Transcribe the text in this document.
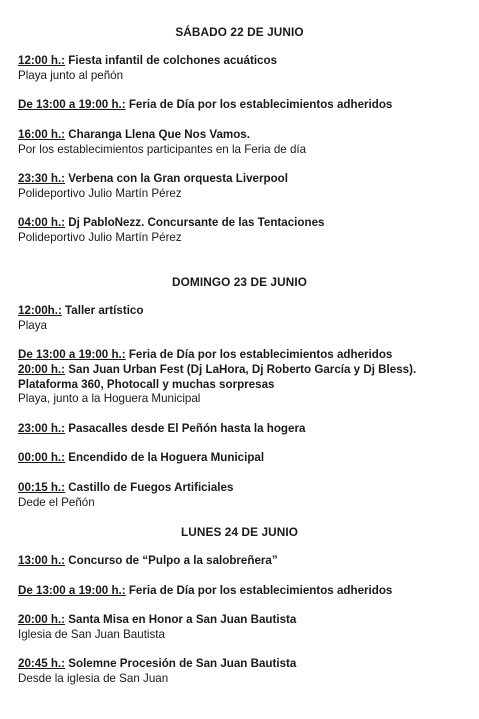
SÁBADO 22 DE JUNIO
12:00 h.: Fiesta infantil de colchones acuáticos
Playa junto al peñón
De 13:00 a 19:00 h.: Feria de Día por los establecimientos adheridos
16:00 h.: Charanga Llena Que Nos Vamos.
Por los establecimientos participantes en la Feria de día
23:30 h.: Verbena con la Gran orquesta Liverpool
Polideportivo Julio Martín Pérez
04:00 h.: Dj PabloNezz. Concursante de las Tentaciones
Polideportivo Julio Martín Pérez
DOMINGO 23 DE JUNIO
12:00h.: Taller artístico
Playa
De 13:00 a 19:00 h.: Feria de Día por los establecimientos adheridos
20:00 h.: San Juan Urban Fest (Dj LaHora, Dj Roberto García y Dj Bless).
Plataforma 360, Photocall y muchas sorpresas
Playa, junto a la Hoguera Municipal
23:00 h.: Pasacalles desde El Peñón hasta la hogera
00:00 h.: Encendido de la Hoguera Municipal
00:15 h.: Castillo de Fuegos Artificiales
Dede el Peñón
LUNES 24 DE JUNIO
13:00 h.: Concurso de “Pulpo a la salobreñera”
De 13:00 a 19:00 h.: Feria de Día por los establecimientos adheridos
20:00 h.: Santa Misa en Honor a San Juan Bautista
Iglesia de San Juan Bautista
20:45 h.: Solemne Procesión de San Juan Bautista
Desde la iglesia de San Juan
